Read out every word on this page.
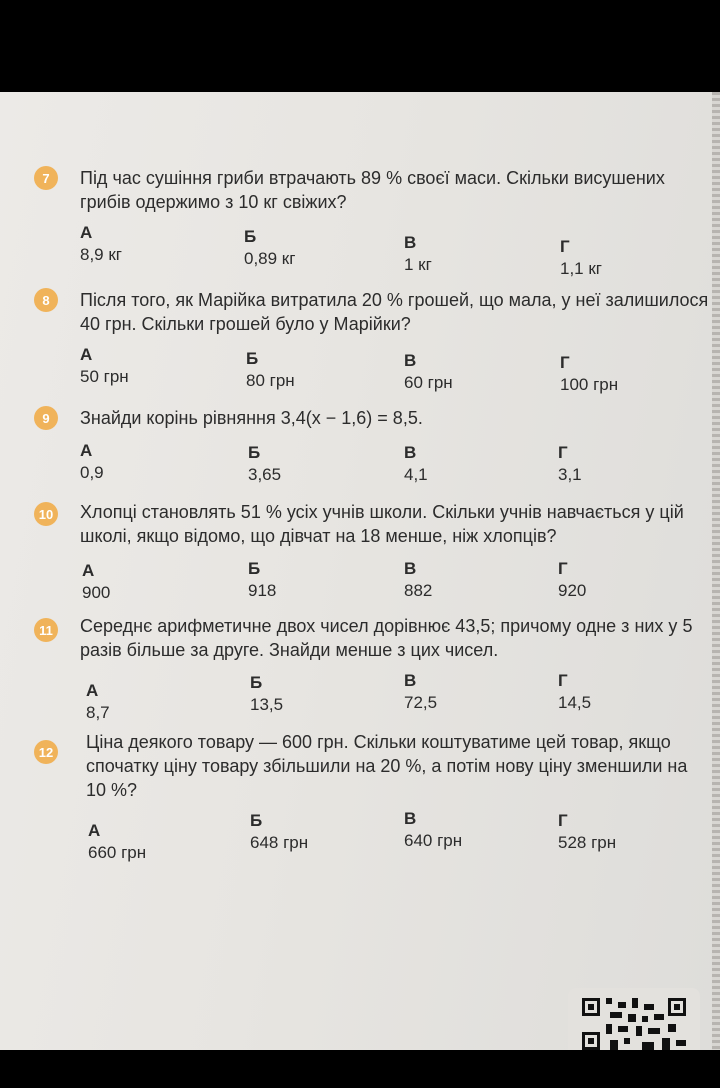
7	Під час сушіння гриби втрачають 89 % своєї маси. Скільки висушених грибів одержимо з 10 кг свіжих?

А
8,9 кг
Б
0,89 кг
В
1 кг
Г
1,1 кг
8	Після того, як Марійка витратила 20 % грошей, що мала, у неї залишилося 40 грн. Скільки грошей було у Марійки?

А
50 грн
Б
80 грн
В
60 грн
Г
100 грн
9	Знайди корінь рівняння 3,4(x − 1,6) = 8,5.

А
0,9
Б
3,65
В
4,1
Г
3,1
10 Хлопці становлять 51 % усіх учнів школи. Скільки учнів навчається у цій школі, якщо відомо, що дівчат на 18 менше, ніж хлопців?

А
900
Б
918
В
882
Г
920
11 Середнє арифметичне двох чисел дорівнює 43,5; причому одне з них у 5 разів більше за друге. Знайди менше з цих чисел.

А
8,7
Б
13,5
В
72,5
Г
14,5
12 Ціна деякого товару — 600 грн. Скільки коштуватиме цей товар, якщо спочатку ціну товару збільшили на 20 %, а потім нову ціну зменшили на 10 %?

А
660 грн
Б
648 грн
В
640 грн
Г
528 грн
